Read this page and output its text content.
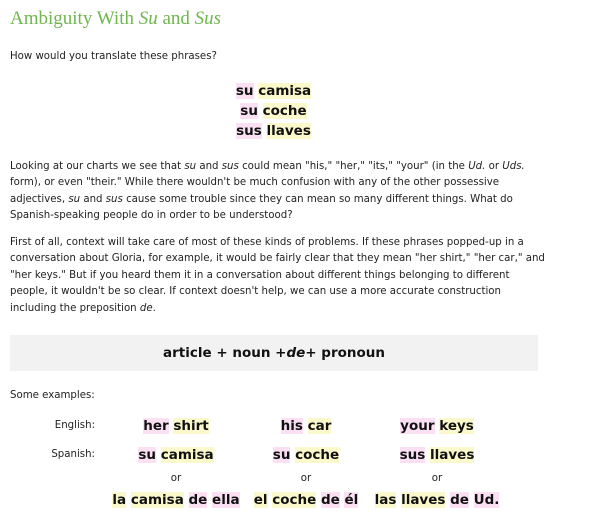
Ambiguity With Su and Sus
How would you translate these phrases?
su camisa
su coche
sus llaves
Looking at our charts we see that su and sus could mean "his," "her," "its," "your" (in the Ud. or Uds. form), or even "their." While there wouldn't be much confusion with any of the other possessive adjectives, su and sus cause some trouble since they can mean so many different things. What do Spanish-speaking people do in order to be understood?
First of all, context will take care of most of these kinds of problems. If these phrases popped-up in a conversation about Gloria, for example, it would be fairly clear that they mean "her shirt," "her car," and "her keys." But if you heard them it in a conversation about different things belonging to different people, it wouldn't be so clear. If context doesn't help, we can use a more accurate construction including the preposition de.
article + noun + de + pronoun
Some examples:
English:	her shirt	his car	your keys
Spanish:	su camisa	su coche	sus llaves
or	or	or
la camisa de ella	el coche de él	las llaves de Ud.
